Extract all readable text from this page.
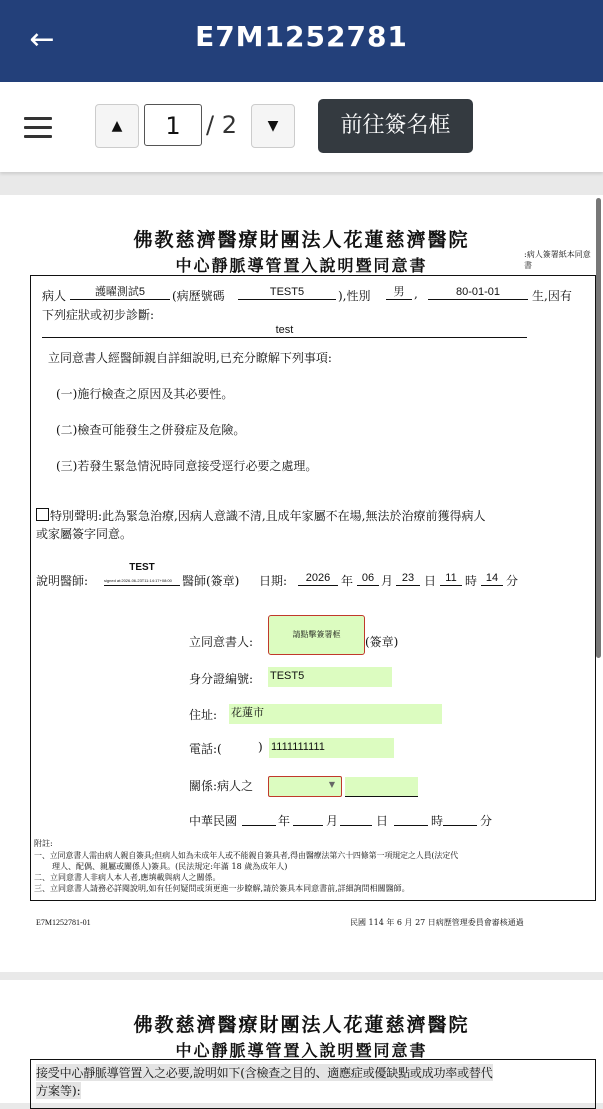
←	E7M1252781
▲	1	/ 2	▼	前往簽名框
佛教慈濟醫療財團法人花蓮慈濟醫院
中心靜脈導管置入說明暨同意書
:病人簽署紙本同意書
病人	護曜測試5	(病歷號碼	TEST5	),性別	男 ,	80-01-01	生,因有
下列症狀或初步診斷:
test
立同意書人經醫師親自詳細說明,已充分瞭解下列事項:
(一)施行檢查之原因及其必要性。
(二)檢查可能發生之併發症及危險。
(三)若發生緊急情況時同意接受逕行必要之處理。
特別聲明:此為緊急治療,因病人意識不清,且成年家屬不在場,無法於治療前獲得病人
或家屬簽字同意。
說明醫師:
TEST
signed at:2026-06-23T11:14:17+08:00 醫師(簽章) 日期:	2026 年 06 月 23 日 11 時 14 分
立同意書人:
請點擊簽署框
(簽章)
身分證編號: TEST5
住址: 花蓮市
電話:(	) 1111111111
關係:病人之	▼
中華民國	年	月	日	時	分
附註:
一、立同意書人需由病人親自簽具;但病人如為未成年人或不能親自簽具者,得由醫療法第六十四條第一項規定之人員(法定代
理人、配偶、親屬或關係人)簽具。(民法規定:年滿 18 歲為成年人)
二、立同意書人非病人本人者,應填載與病人之關係。
三、立同意書人請務必詳閱說明,如有任何疑問或須更進一步瞭解,請於簽具本同意書前,詳細詢問相關醫師。
E7M1252781-01	民國 114 年 6 月 27 日病歷管理委員會審核通過
佛教慈濟醫療財團法人花蓮慈濟醫院
中心靜脈導管置入說明暨同意書
接受中心靜脈導管置入之必要,說明如下(含檢查之目的、適應症或優缺點或成功率或替代
方案等):
